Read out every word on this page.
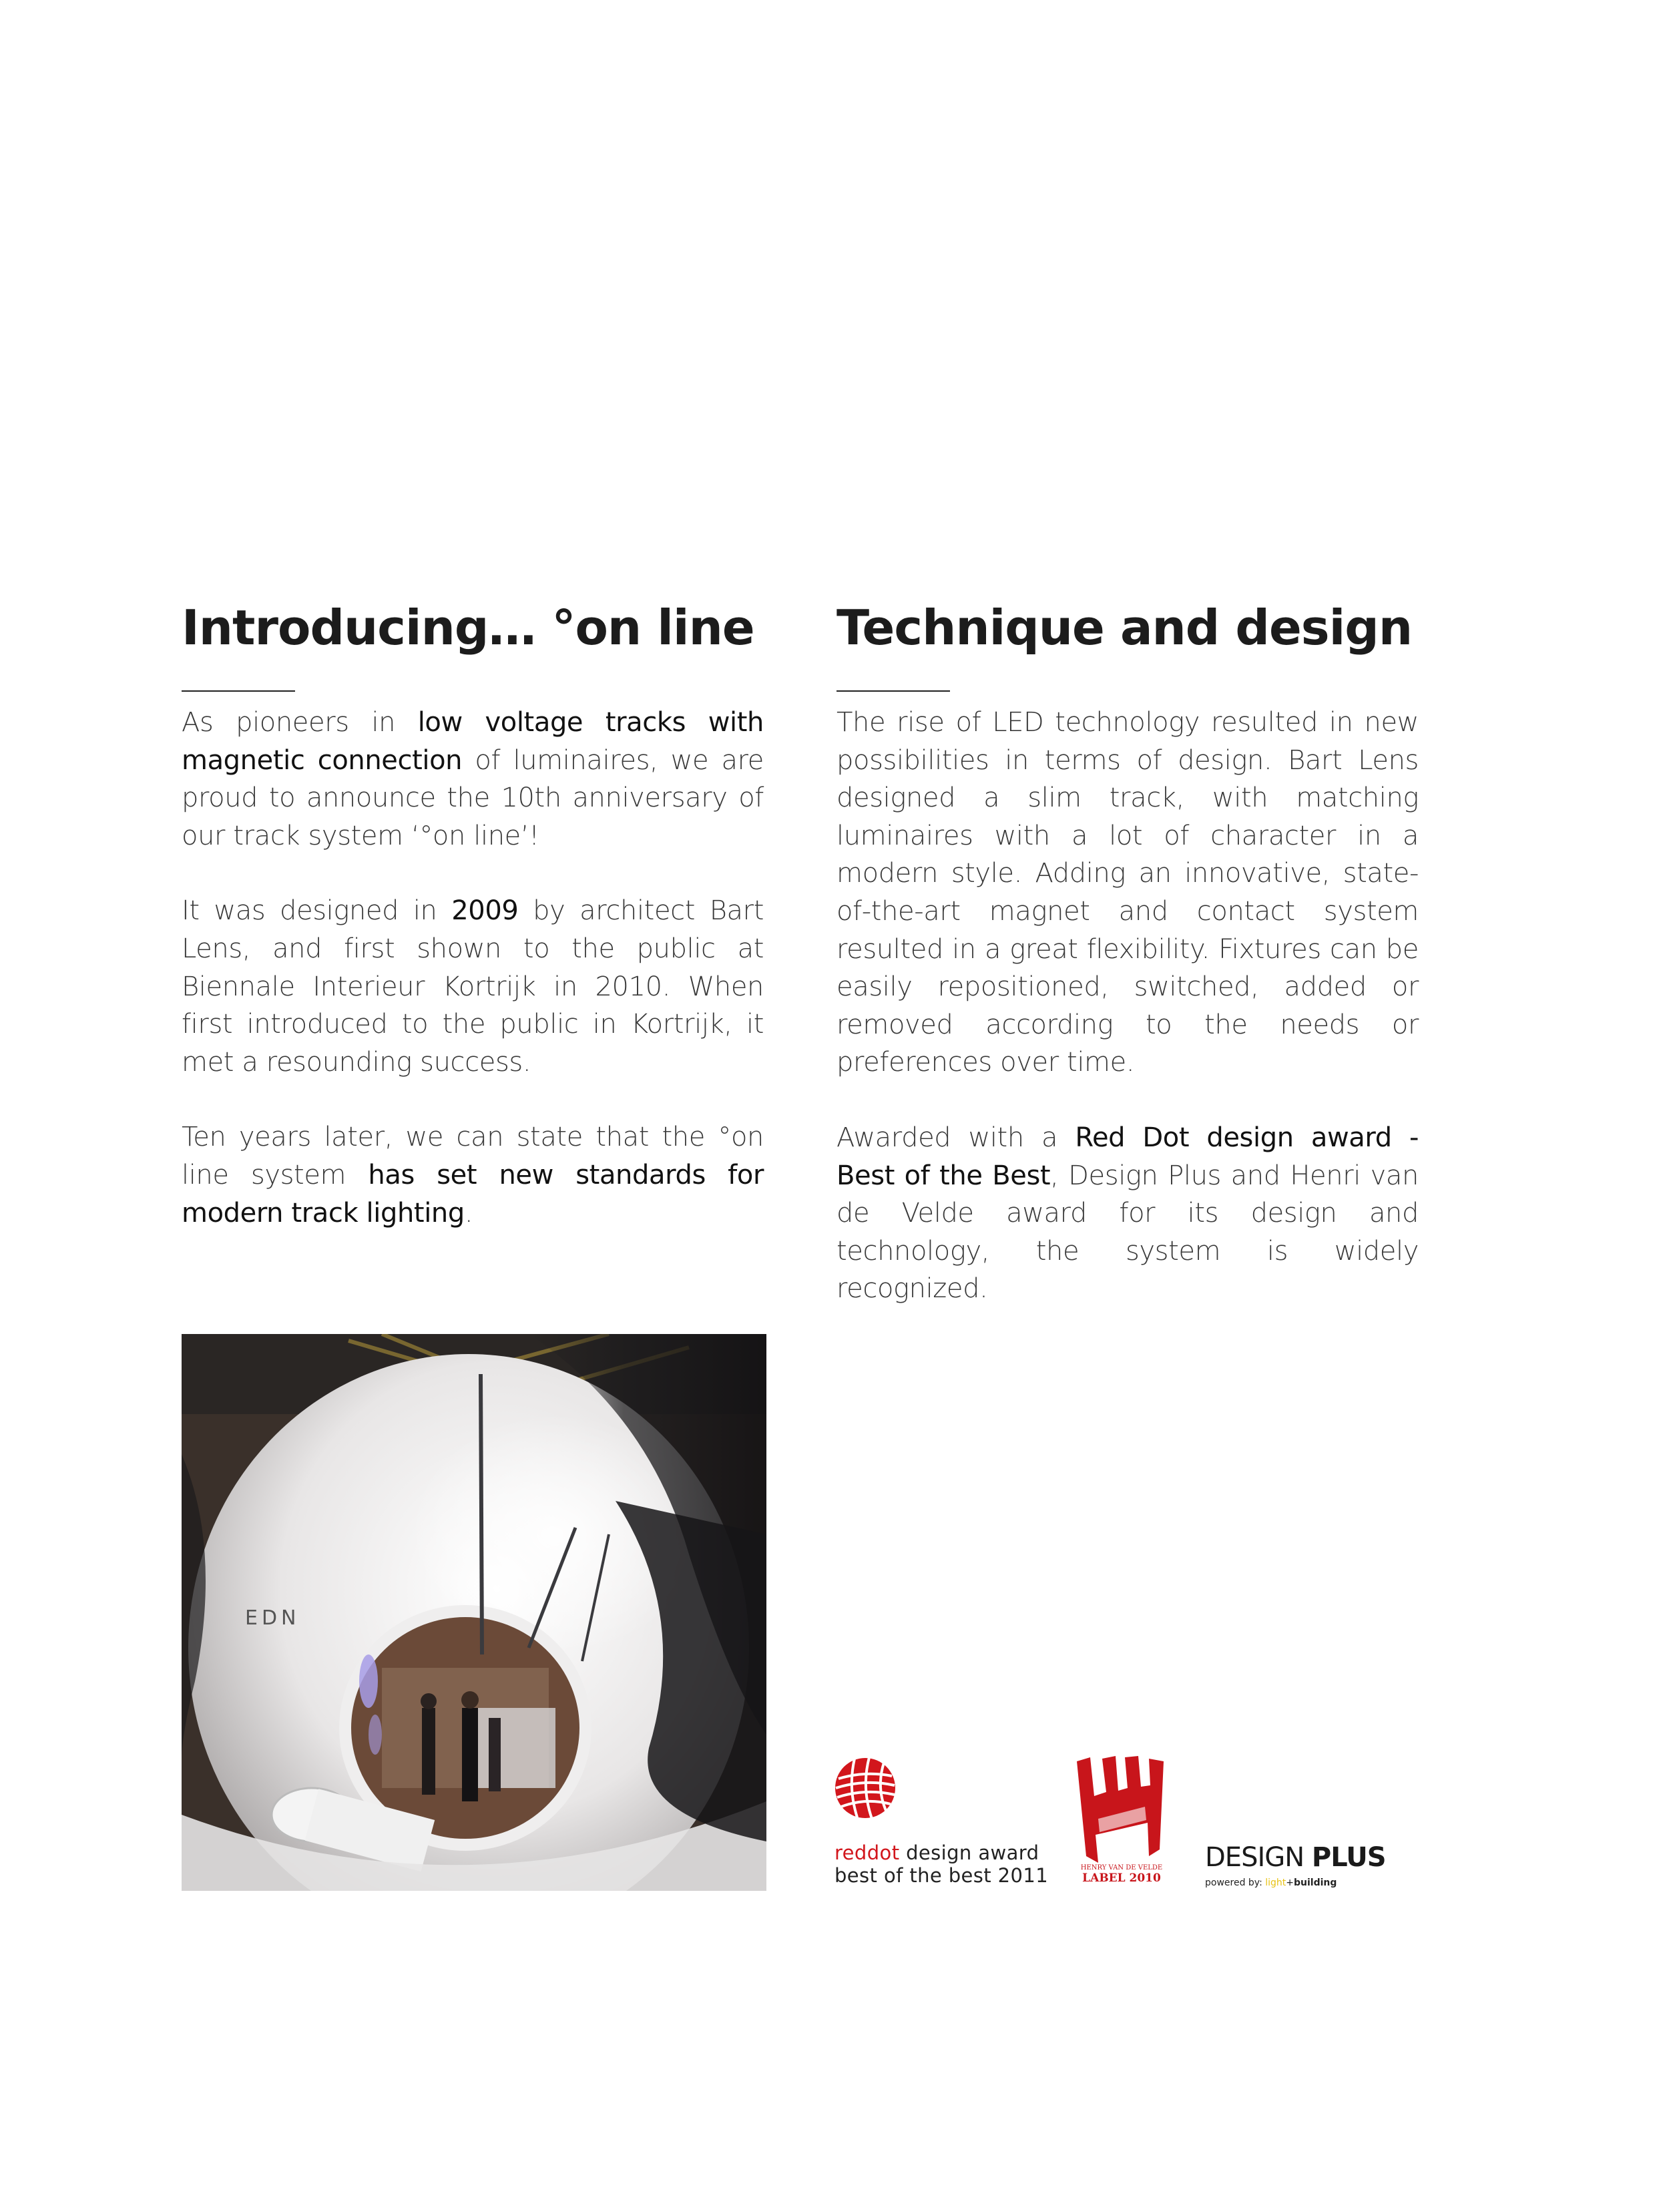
Introducing… °on line

As pioneers in low voltage tracks with magnetic connection of luminaires, we are proud to announce the 10th anniversary of our track system ‘°on line’!

It was designed in 2009 by architect Bart Lens, and first shown to the public at Biennale Interieur Kortrijk in 2010. When first introduced to the public in Kortrijk, it met a resounding success.

Ten years later, we can state that the °on line system has set new standards for modern track lighting.

Technique and design

The rise of LED technology resulted in new possibilities in terms of design. Bart Lens designed a slim track, with matching luminaires with a lot of character in a modern style. Adding an innovative, state-of-the-art magnet and contact system resulted in a great flexibility. Fixtures can be easily repositioned, switched, added or removed according to the needs or preferences over time.

Awarded with a Red Dot design award - Best of the Best, Design Plus and Henri van de Velde award for its design and technology, the system is widely recognized.

EDN
reddot design award
best of the best 2011	HENRY VAN DE VELDE
LABEL 2010
DESIGN PLUS
powered by: light+building
